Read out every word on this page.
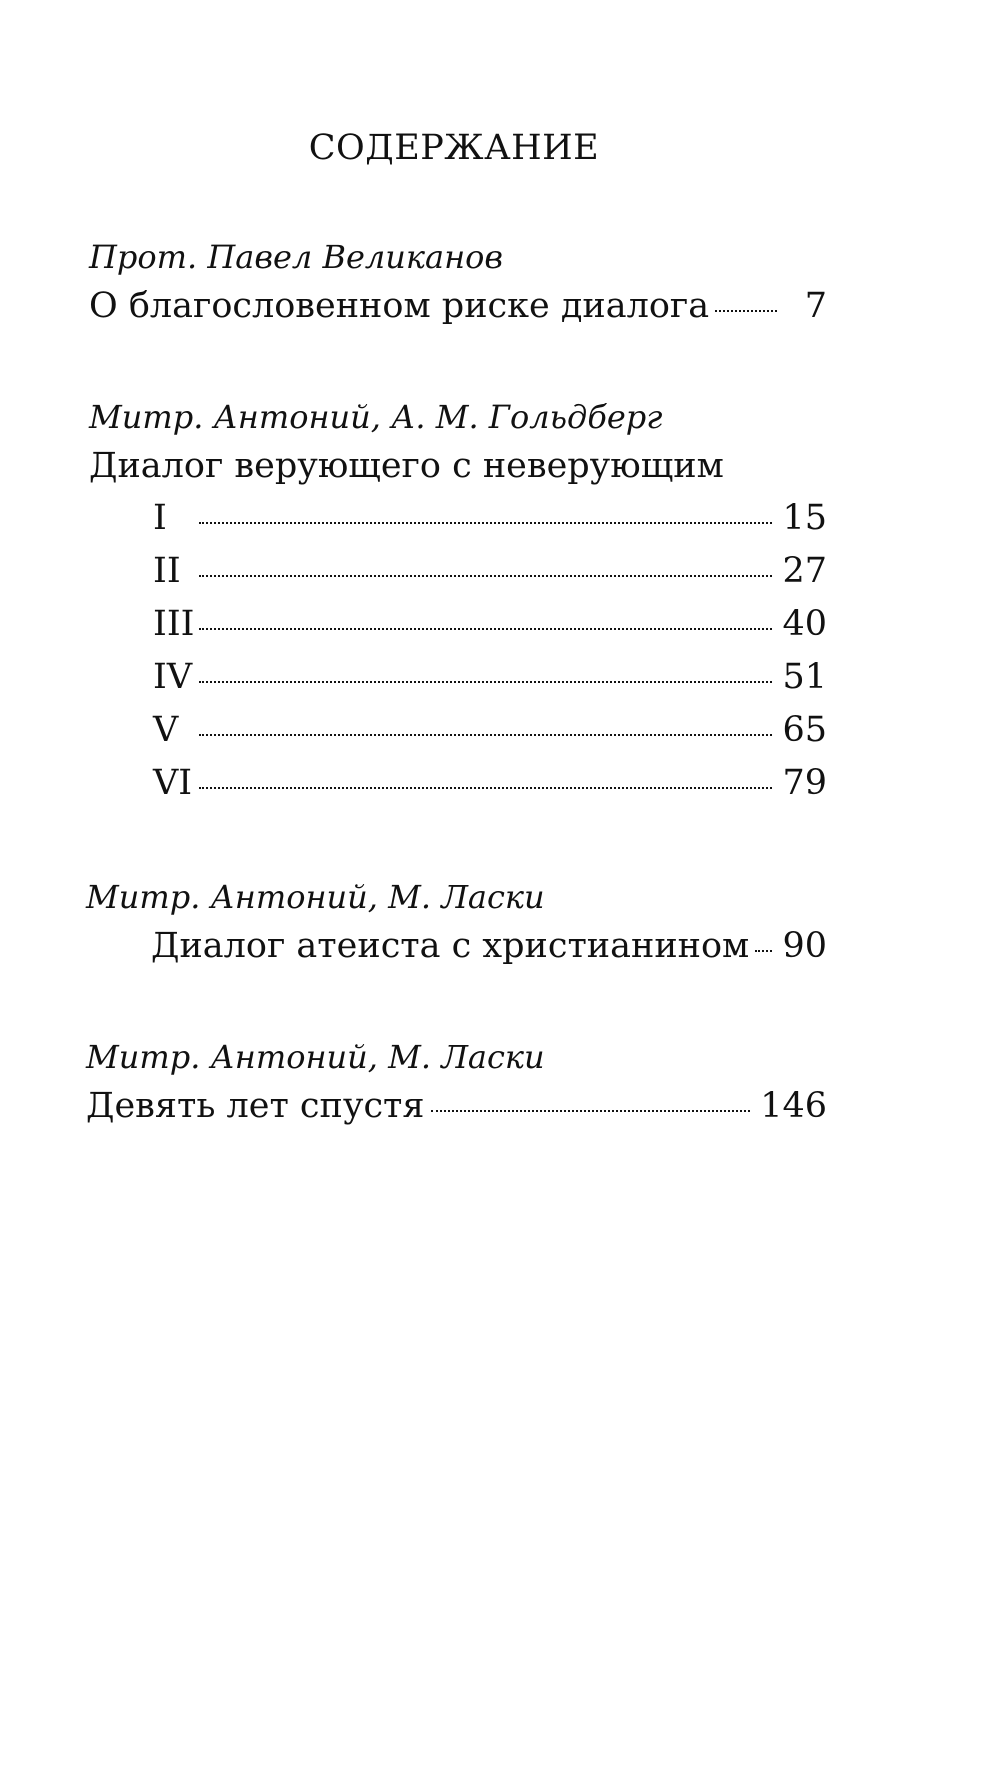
СОДЕРЖАНИЕ
Прот. Павел Великанов
О благословенном риске диалога	7
Митр. Антоний, А. М. Гольдберг
Диалог верующего с неверующим
I	15
II	27
III	40
IV	51
V	65
VI	79
Митр. Антоний, М. Ласки
Диалог атеиста с христианином 90
Митр. Антоний, М. Ласки
Девять лет спустя	146
